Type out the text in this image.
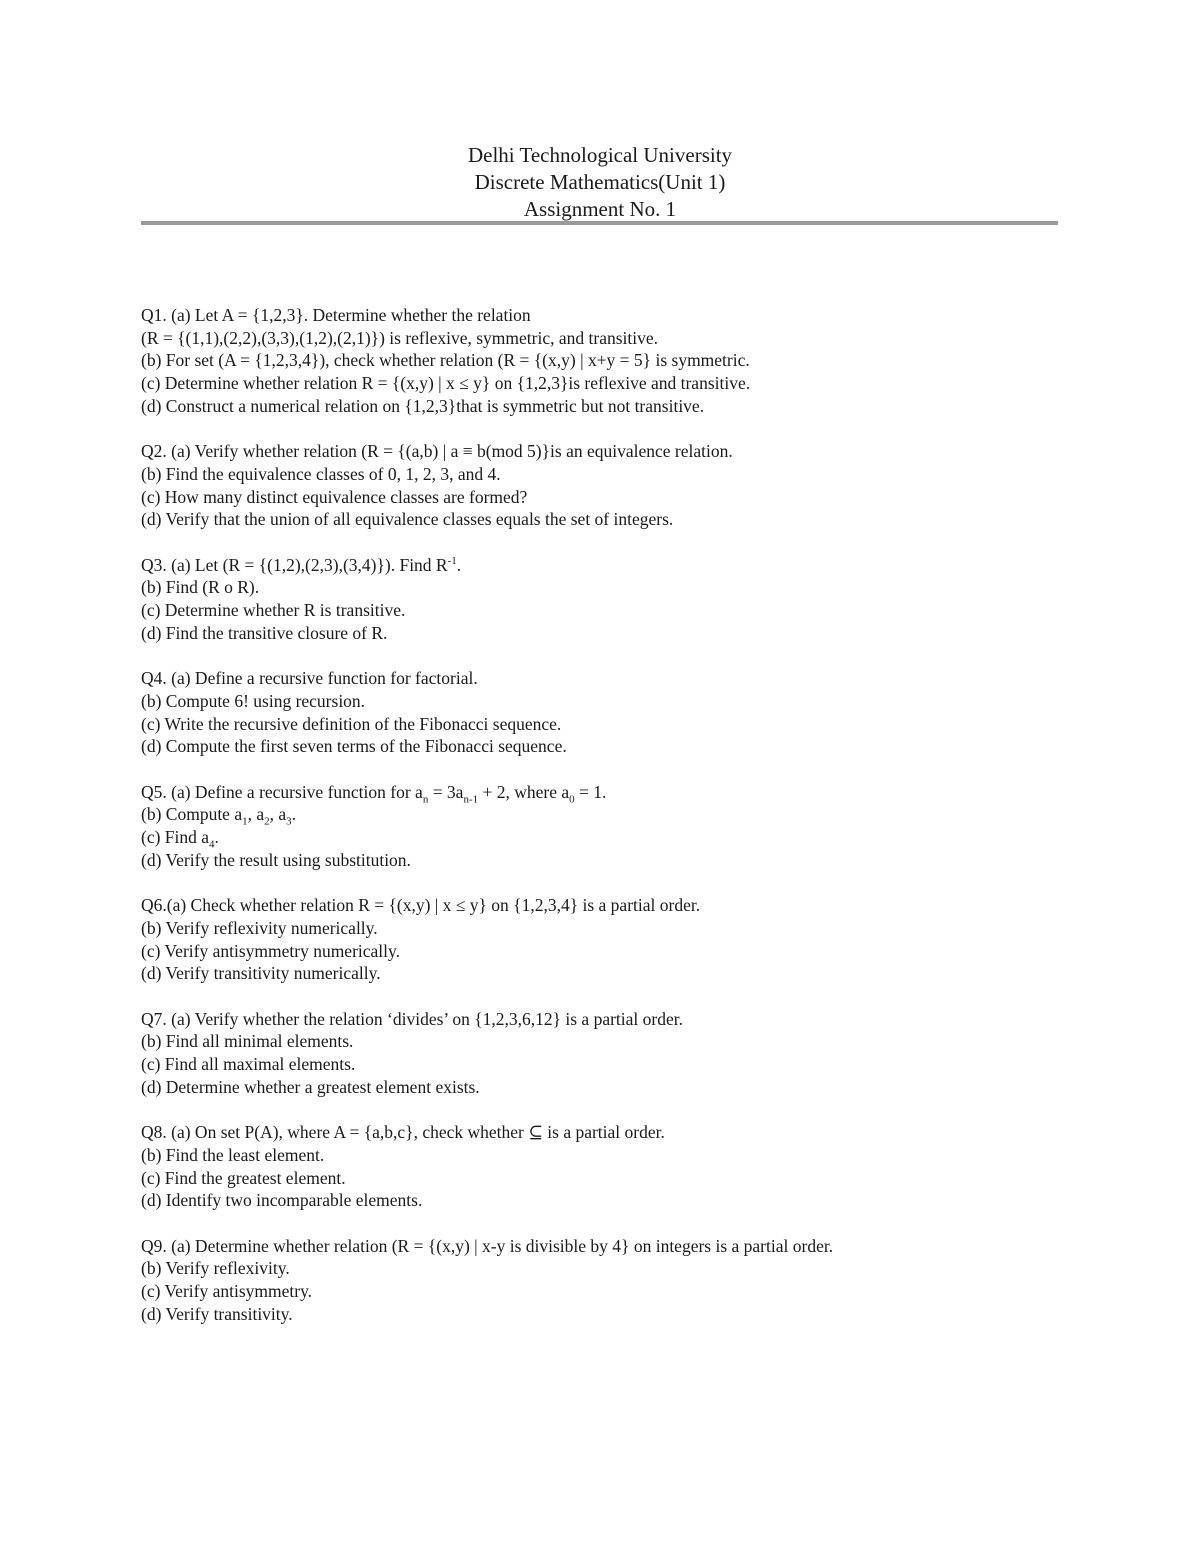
Delhi Technological University
Discrete Mathematics(Unit 1)
Assignment No. 1
Q1. (a) Let A = {1,2,3}. Determine whether the relation
(R = {(1,1),(2,2),(3,3),(1,2),(2,1)}) is reflexive, symmetric, and transitive.
(b) For set (A = {1,2,3,4}), check whether relation (R = {(x,y) | x+y = 5} is symmetric.
(c) Determine whether relation R = {(x,y) | x ≤ y} on {1,2,3}is reflexive and transitive.
(d) Construct a numerical relation on {1,2,3}that is symmetric but not transitive.
Q2. (a) Verify whether relation (R = {(a,b) | a ≡ b(mod 5)}is an equivalence relation.
(b) Find the equivalence classes of 0, 1, 2, 3, and 4.
(c) How many distinct equivalence classes are formed?
(d) Verify that the union of all equivalence classes equals the set of integers.
Q3. (a) Let (R = {(1,2),(2,3),(3,4)}). Find $R^{-1}$.
(b) Find (R o R).
(c) Determine whether R is transitive.
(d) Find the transitive closure of R.
Q4. (a) Define a recursive function for factorial.
(b) Compute 6! using recursion.
(c) Write the recursive definition of the Fibonacci sequence.
(d) Compute the first seven terms of the Fibonacci sequence.
Q5. (a) Define a recursive function for $a_n = 3a_{n-1} + 2$, where $a_0 = 1$.
(b) Compute $a_1$, $a_2$, $a_3$.
(c) Find $a_4$.
(d) Verify the result using substitution.
Q6.(a) Check whether relation R = {(x,y) | x ≤ y} on {1,2,3,4} is a partial order.
(b) Verify reflexivity numerically.
(c) Verify antisymmetry numerically.
(d) Verify transitivity numerically.
Q7. (a) Verify whether the relation ‘divides’ on {1,2,3,6,12} is a partial order.
(b) Find all minimal elements.
(c) Find all maximal elements.
(d) Determine whether a greatest element exists.
Q8. (a) On set P(A), where A = {a,b,c}, check whether ⊆ is a partial order.
(b) Find the least element.
(c) Find the greatest element.
(d) Identify two incomparable elements.
Q9. (a) Determine whether relation (R = {(x,y) | x-y is divisible by 4} on integers is a partial order.
(b) Verify reflexivity.
(c) Verify antisymmetry.
(d) Verify transitivity.
